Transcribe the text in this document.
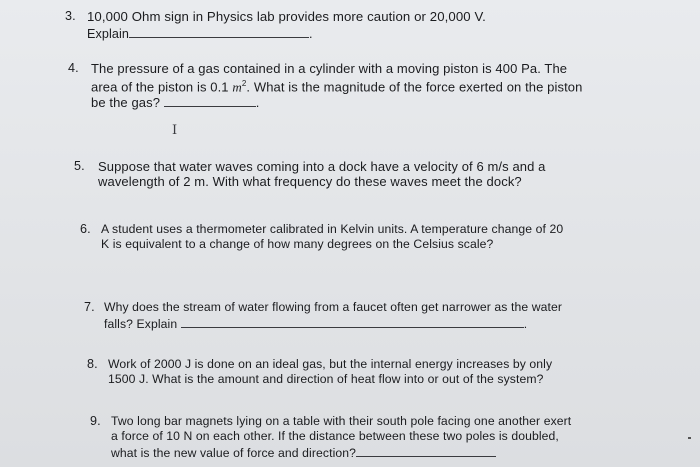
3. 10,000 Ohm sign in Physics lab provides more caution or 20,000 V.
Explain	.
4. The pressure of a gas contained in a cylinder with a moving piston is 400 Pa. The
area of the piston is 0.1 $m^2$. What is the magnitude of the force exerted on the piston
be the gas?	.
I
5. Suppose that water waves coming into a dock have a velocity of 6 m/s and a
wavelength of 2 m. With what frequency do these waves meet the dock?
6. A student uses a thermometer calibrated in Kelvin units. A temperature change of 20
K is equivalent to a change of how many degrees on the Celsius scale?
7. Why does the stream of water flowing from a faucet often get narrower as the water
falls? Explain	.
8. Work of 2000 J is done on an ideal gas, but the internal energy increases by only
1500 J. What is the amount and direction of heat flow into or out of the system?
9. Two long bar magnets lying on a table with their south pole facing one another exert
a force of 10 N on each other. If the distance between these two poles is doubled,
what is the new value of force and direction?
